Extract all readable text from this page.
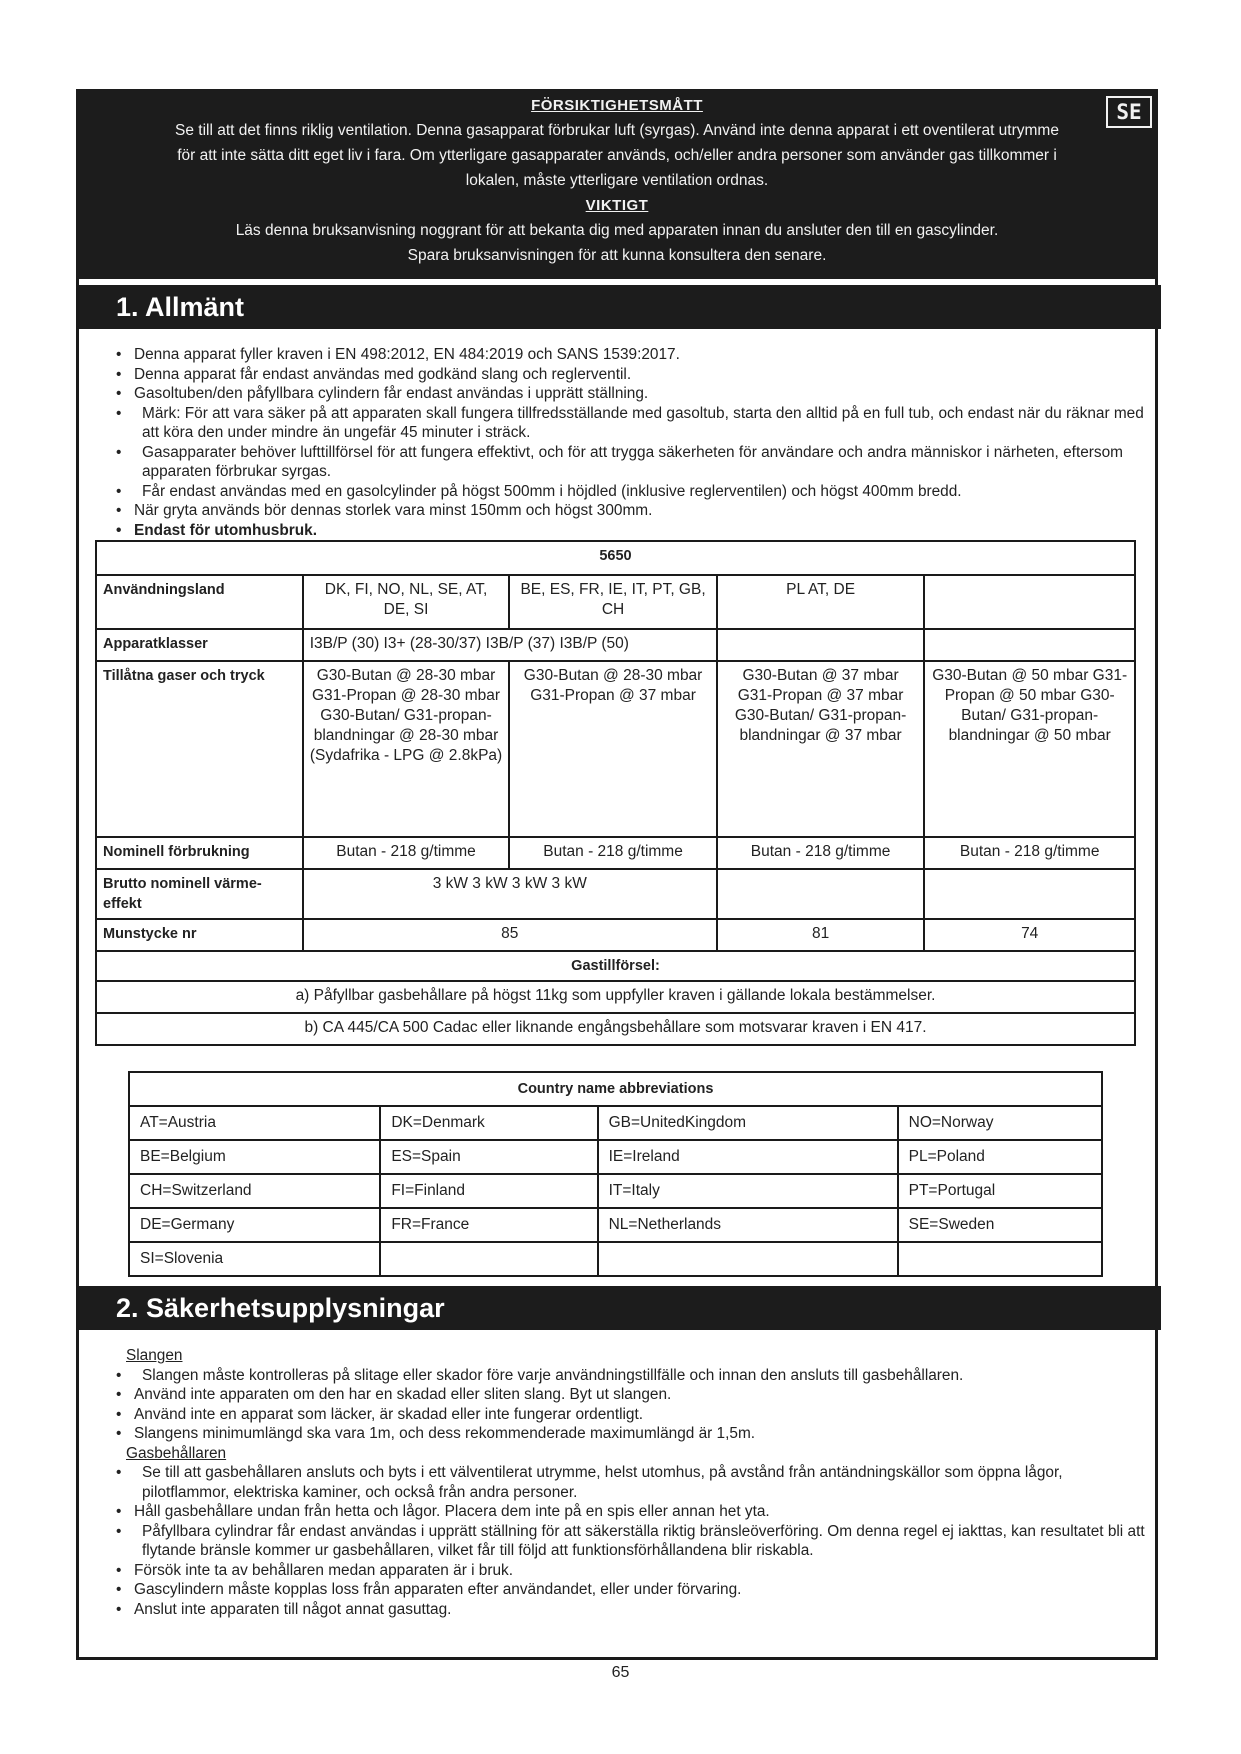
FÖRSIKTIGHETSMÅTT
Se till att det finns riklig ventilation. Denna gasapparat förbrukar luft (syrgas). Använd inte denna apparat i ett oventilerat utrymme
för att inte sätta ditt eget liv i fara. Om ytterligare gasapparater används, och/eller andra personer som använder gas tillkommer i
lokalen, måste ytterligare ventilation ordnas.
VIKTIGT
Läs denna bruksanvisning noggrant för att bekanta dig med apparaten innan du ansluter den till en gascylinder.
Spara bruksanvisningen för att kunna konsultera den senare.
SE
1. Allmänt
• Denna apparat fyller kraven i EN 498:2012, EN 484:2019 och SANS 1539:2017.
• Denna apparat får endast användas med godkänd slang och reglerventil.
• Gasoltuben/den påfyllbara cylindern får endast användas i upprätt ställning.
• Märk: För att vara säker på att apparaten skall fungera tillfredsställande med gasoltub, starta den alltid på en full tub, och endast när du räknar med att köra den under mindre än ungefär 45 minuter i sträck.
• Gasapparater behöver lufttillförsel för att fungera effektivt, och för att trygga säkerheten för användare och andra människor i närheten, eftersom apparaten förbrukar syrgas.
• Får endast användas med en gasolcylinder på högst 500mm i höjdled (inklusive reglerventilen) och högst 400mm bredd.
• När gryta används bör dennas storlek vara minst 150mm och högst 300mm.
• Endast för utomhusbruk.
5650				
Användningsland	DK, FI, NO, NL, SE, AT, DE, SI	BE, ES, FR, IE, IT, PT, GB, CH	PL AT, DE	
Apparatklasser	I3B/P (30) I3+ (28-30/37) I3B/P (37) I3B/P (50)			
Tillåtna gaser och tryck	G30-Butan @ 28-30 mbar G31-Propan @ 28-30 mbar G30-Butan/ G31-propan-blandningar @ 28-30 mbar (Sydafrika - LPG @ 2.8kPa)	G30-Butan @ 28-30 mbar G31-Propan @ 37 mbar	G30-Butan @ 37 mbar G31-Propan @ 37 mbar G30-Butan/ G31-propan-blandningar @ 37 mbar	G30-Butan @ 50 mbar G31-Propan @ 50 mbar G30-Butan/ G31-propan-blandningar @ 50 mbar
Nominell förbrukning	Butan - 218 g/timme	Butan - 218 g/timme	Butan - 218 g/timme	Butan - 218 g/timme
Brutto nominell värme-effekt	3 kW 3 kW 3 kW 3 kW			
Munstycke nr	85		81	74
Gastillförsel:				
a) Påfyllbar gasbehållare på högst 11kg som uppfyller kraven i gällande lokala bestämmelser.				
b) CA 445/CA 500 Cadac eller liknande engångsbehållare som motsvarar kraven i EN 417.				
Country name abbreviations			
AT=Austria	DK=Denmark	GB=UnitedKingdom	NO=Norway
BE=Belgium	ES=Spain	IE=Ireland	PL=Poland
CH=Switzerland	FI=Finland	IT=Italy	PT=Portugal
DE=Germany	FR=France	NL=Netherlands	SE=Sweden
SI=Slovenia			
2. Säkerhetsupplysningar
Slangen
• Slangen måste kontrolleras på slitage eller skador före varje användningstillfälle och innan den ansluts till gasbehållaren.
• Använd inte apparaten om den har en skadad eller sliten slang. Byt ut slangen.
• Använd inte en apparat som läcker, är skadad eller inte fungerar ordentligt.
• Slangens minimumlängd ska vara 1m, och dess rekommenderade maximumlängd är 1,5m.
Gasbehållaren
• Se till att gasbehållaren ansluts och byts i ett välventilerat utrymme, helst utomhus, på avstånd från antändningskällor som öppna lågor, pilotflammor, elektriska kaminer, och också från andra personer.
• Håll gasbehållare undan från hetta och lågor. Placera dem inte på en spis eller annan het yta.
• Påfyllbara cylindrar får endast användas i upprätt ställning för att säkerställa riktig bränsleöverföring. Om denna regel ej iakttas, kan resultatet bli att flytande bränsle kommer ur gasbehållaren, vilket får till följd att funktionsförhållandena blir riskabla.
• Försök inte ta av behållaren medan apparaten är i bruk.
• Gascylindern måste kopplas loss från apparaten efter användandet, eller under förvaring.
• Anslut inte apparaten till något annat gasuttag.
65
